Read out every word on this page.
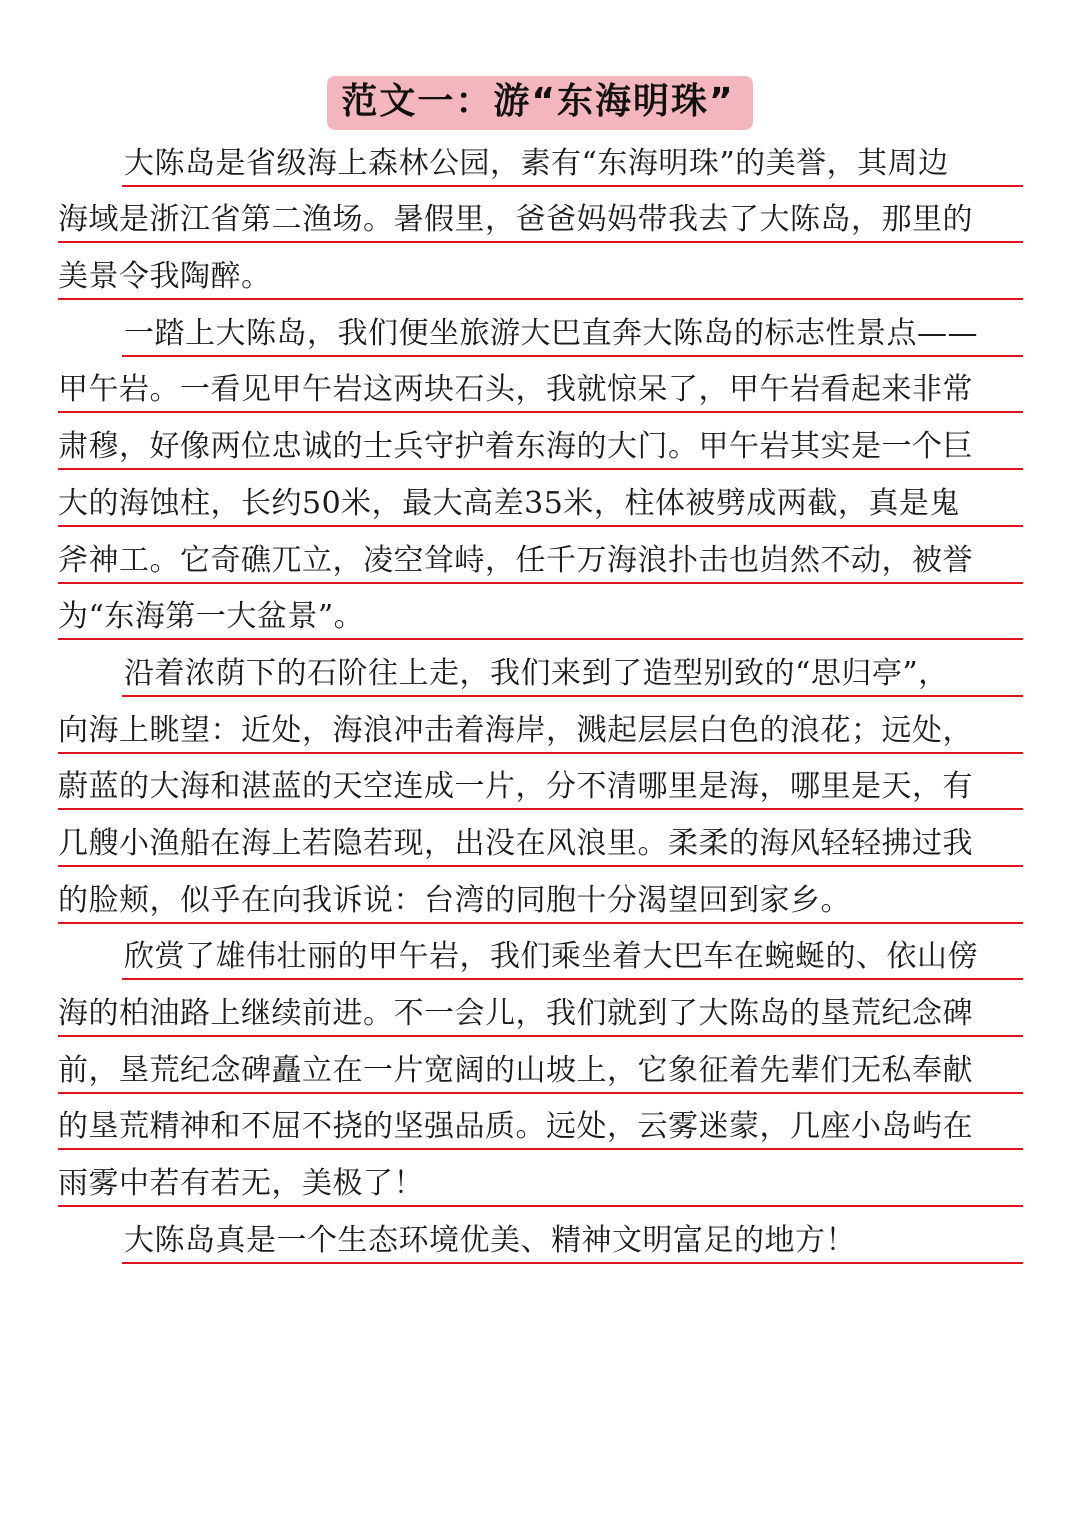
范文一：游“东海明珠”
大陈岛是省级海上森林公园，素有“东海明珠”的美誉，其周边
海域是浙江省第二渔场。暑假里，爸爸妈妈带我去了大陈岛，那里的
美景令我陶醉。
一踏上大陈岛，我们便坐旅游大巴直奔大陈岛的标志性景点——
甲午岩。一看见甲午岩这两块石头，我就惊呆了，甲午岩看起来非常
肃穆，好像两位忠诚的士兵守护着东海的大门。甲午岩其实是一个巨
大的海蚀柱，长约50米，最大高差35米，柱体被劈成两截，真是鬼
斧神工。它奇礁兀立，凌空耸峙，任千万海浪扑击也岿然不动，被誉
为“东海第一大盆景”。
沿着浓荫下的石阶往上走，我们来到了造型别致的“思归亭”，
向海上眺望：近处，海浪冲击着海岸，溅起层层白色的浪花；远处，
蔚蓝的大海和湛蓝的天空连成一片，分不清哪里是海，哪里是天，有
几艘小渔船在海上若隐若现，出没在风浪里。柔柔的海风轻轻拂过我
的脸颊，似乎在向我诉说：台湾的同胞十分渴望回到家乡。
欣赏了雄伟壮丽的甲午岩，我们乘坐着大巴车在蜿蜒的、依山傍
海的柏油路上继续前进。不一会儿，我们就到了大陈岛的垦荒纪念碑
前，垦荒纪念碑矗立在一片宽阔的山坡上，它象征着先辈们无私奉献
的垦荒精神和不屈不挠的坚强品质。远处，云雾迷蒙，几座小岛屿在
雨雾中若有若无，美极了！
大陈岛真是一个生态环境优美、精神文明富足的地方！
